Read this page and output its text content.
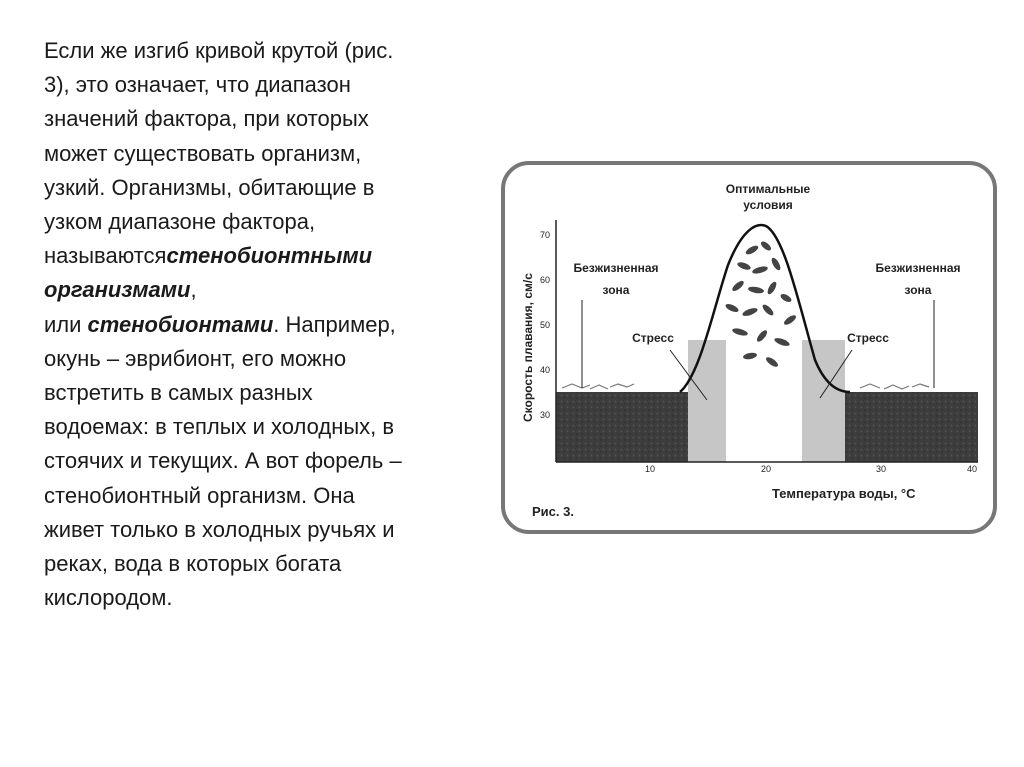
Если же изгиб кривой крутой (рис.
3), это означает, что диапазон
значений фактора, при которых
может существовать организм,
узкий. Организмы, обитающие в
узком диапазоне фактора,
называютсястенобионтными
организмами,
или стенобионтами. Например,
окунь – эврибионт, его можно
встретить в самых разных
водоемах: в теплых и холодных, в
стоячих и текущих. А вот форель –
стенобионтный организм. Она
живет только в холодных ручьях и
реках, вода в которых богата
кислородом.
70
60
50
40
30
10	20	30	40
Скорость плавания, см/с
Температура воды, °С
Рис. 3.
Оптимальные
условия
Безжизненная
зона
Безжизненная
зона
Стресс	Стресс
